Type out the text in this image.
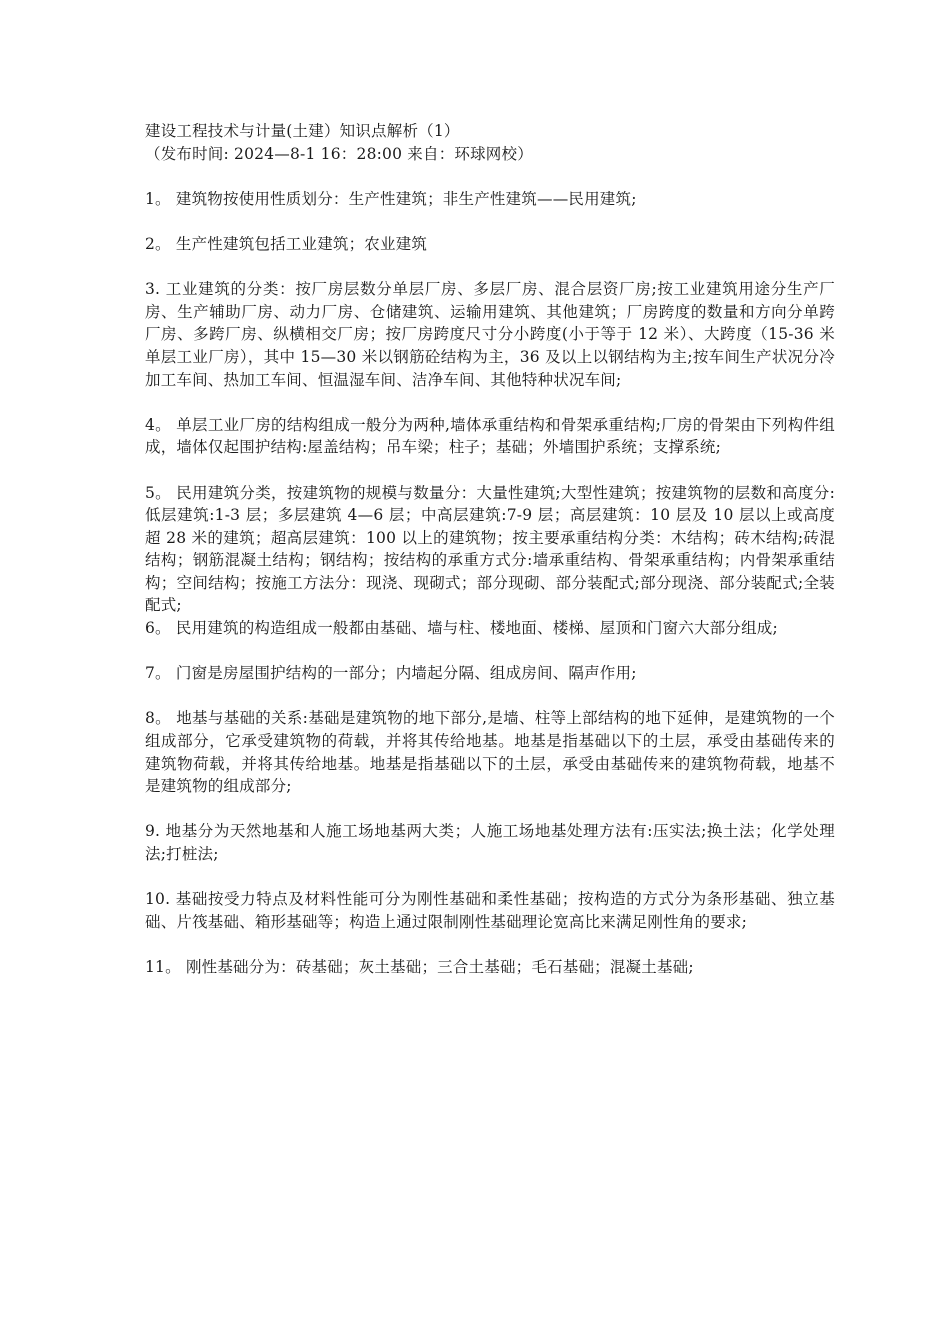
建设工程技术与计量(土建）知识点解析（1）

（发布时间: 2024—8-1 16：28:00 来自：环球网校）

1。 建筑物按使用性质划分：生产性建筑；非生产性建筑——民用建筑;

2。 生产性建筑包括工业建筑；农业建筑

3. 工业建筑的分类：按厂房层数分单层厂房、多层厂房、混合层资厂房;按工业建筑用途分生产厂房、生产辅助厂房、动力厂房、仓储建筑、运输用建筑、其他建筑；厂房跨度的数量和方向分单跨厂房、多跨厂房、纵横相交厂房；按厂房跨度尺寸分小跨度(小于等于 12 米）、大跨度（15-36 米单层工业厂房），其中 15—30 米以钢筋砼结构为主，36 及以上以钢结构为主;按车间生产状况分冷加工车间、热加工车间、恒温湿车间、洁净车间、其他特种状况车间;

4。 单层工业厂房的结构组成一般分为两种,墙体承重结构和骨架承重结构;厂房的骨架由下列构件组成，墙体仅起围护结构:屋盖结构；吊车梁；柱子；基础；外墙围护系统；支撑系统;

5。 民用建筑分类，按建筑物的规模与数量分：大量性建筑;大型性建筑；按建筑物的层数和高度分:低层建筑:1-3 层；多层建筑 4—6 层；中高层建筑:7-9 层；高层建筑：10 层及 10 层以上或高度超 28 米的建筑；超高层建筑：100 以上的建筑物；按主要承重结构分类：木结构；砖木结构;砖混结构；钢筋混凝土结构；钢结构；按结构的承重方式分:墙承重结构、骨架承重结构；内骨架承重结构；空间结构；按施工方法分：现浇、现砌式；部分现砌、部分装配式;部分现浇、部分装配式;全装配式;

6。 民用建筑的构造组成一般都由基础、墙与柱、楼地面、楼梯、屋顶和门窗六大部分组成;

7。 门窗是房屋围护结构的一部分；内墙起分隔、组成房间、隔声作用;

8。 地基与基础的关系:基础是建筑物的地下部分,是墙、柱等上部结构的地下延伸，是建筑物的一个组成部分，它承受建筑物的荷载，并将其传给地基。地基是指基础以下的土层，承受由基础传来的建筑物荷载，并将其传给地基。地基是指基础以下的土层，承受由基础传来的建筑物荷载，地基不是建筑物的组成部分;

9. 地基分为天然地基和人施工场地基两大类；人施工场地基处理方法有:压实法;换土法；化学处理法;打桩法;

10. 基础按受力特点及材料性能可分为刚性基础和柔性基础；按构造的方式分为条形基础、独立基础、片筏基础、箱形基础等；构造上通过限制刚性基础理论宽高比来满足刚性角的要求;

11。 刚性基础分为：砖基础；灰土基础；三合土基础；毛石基础；混凝土基础;
